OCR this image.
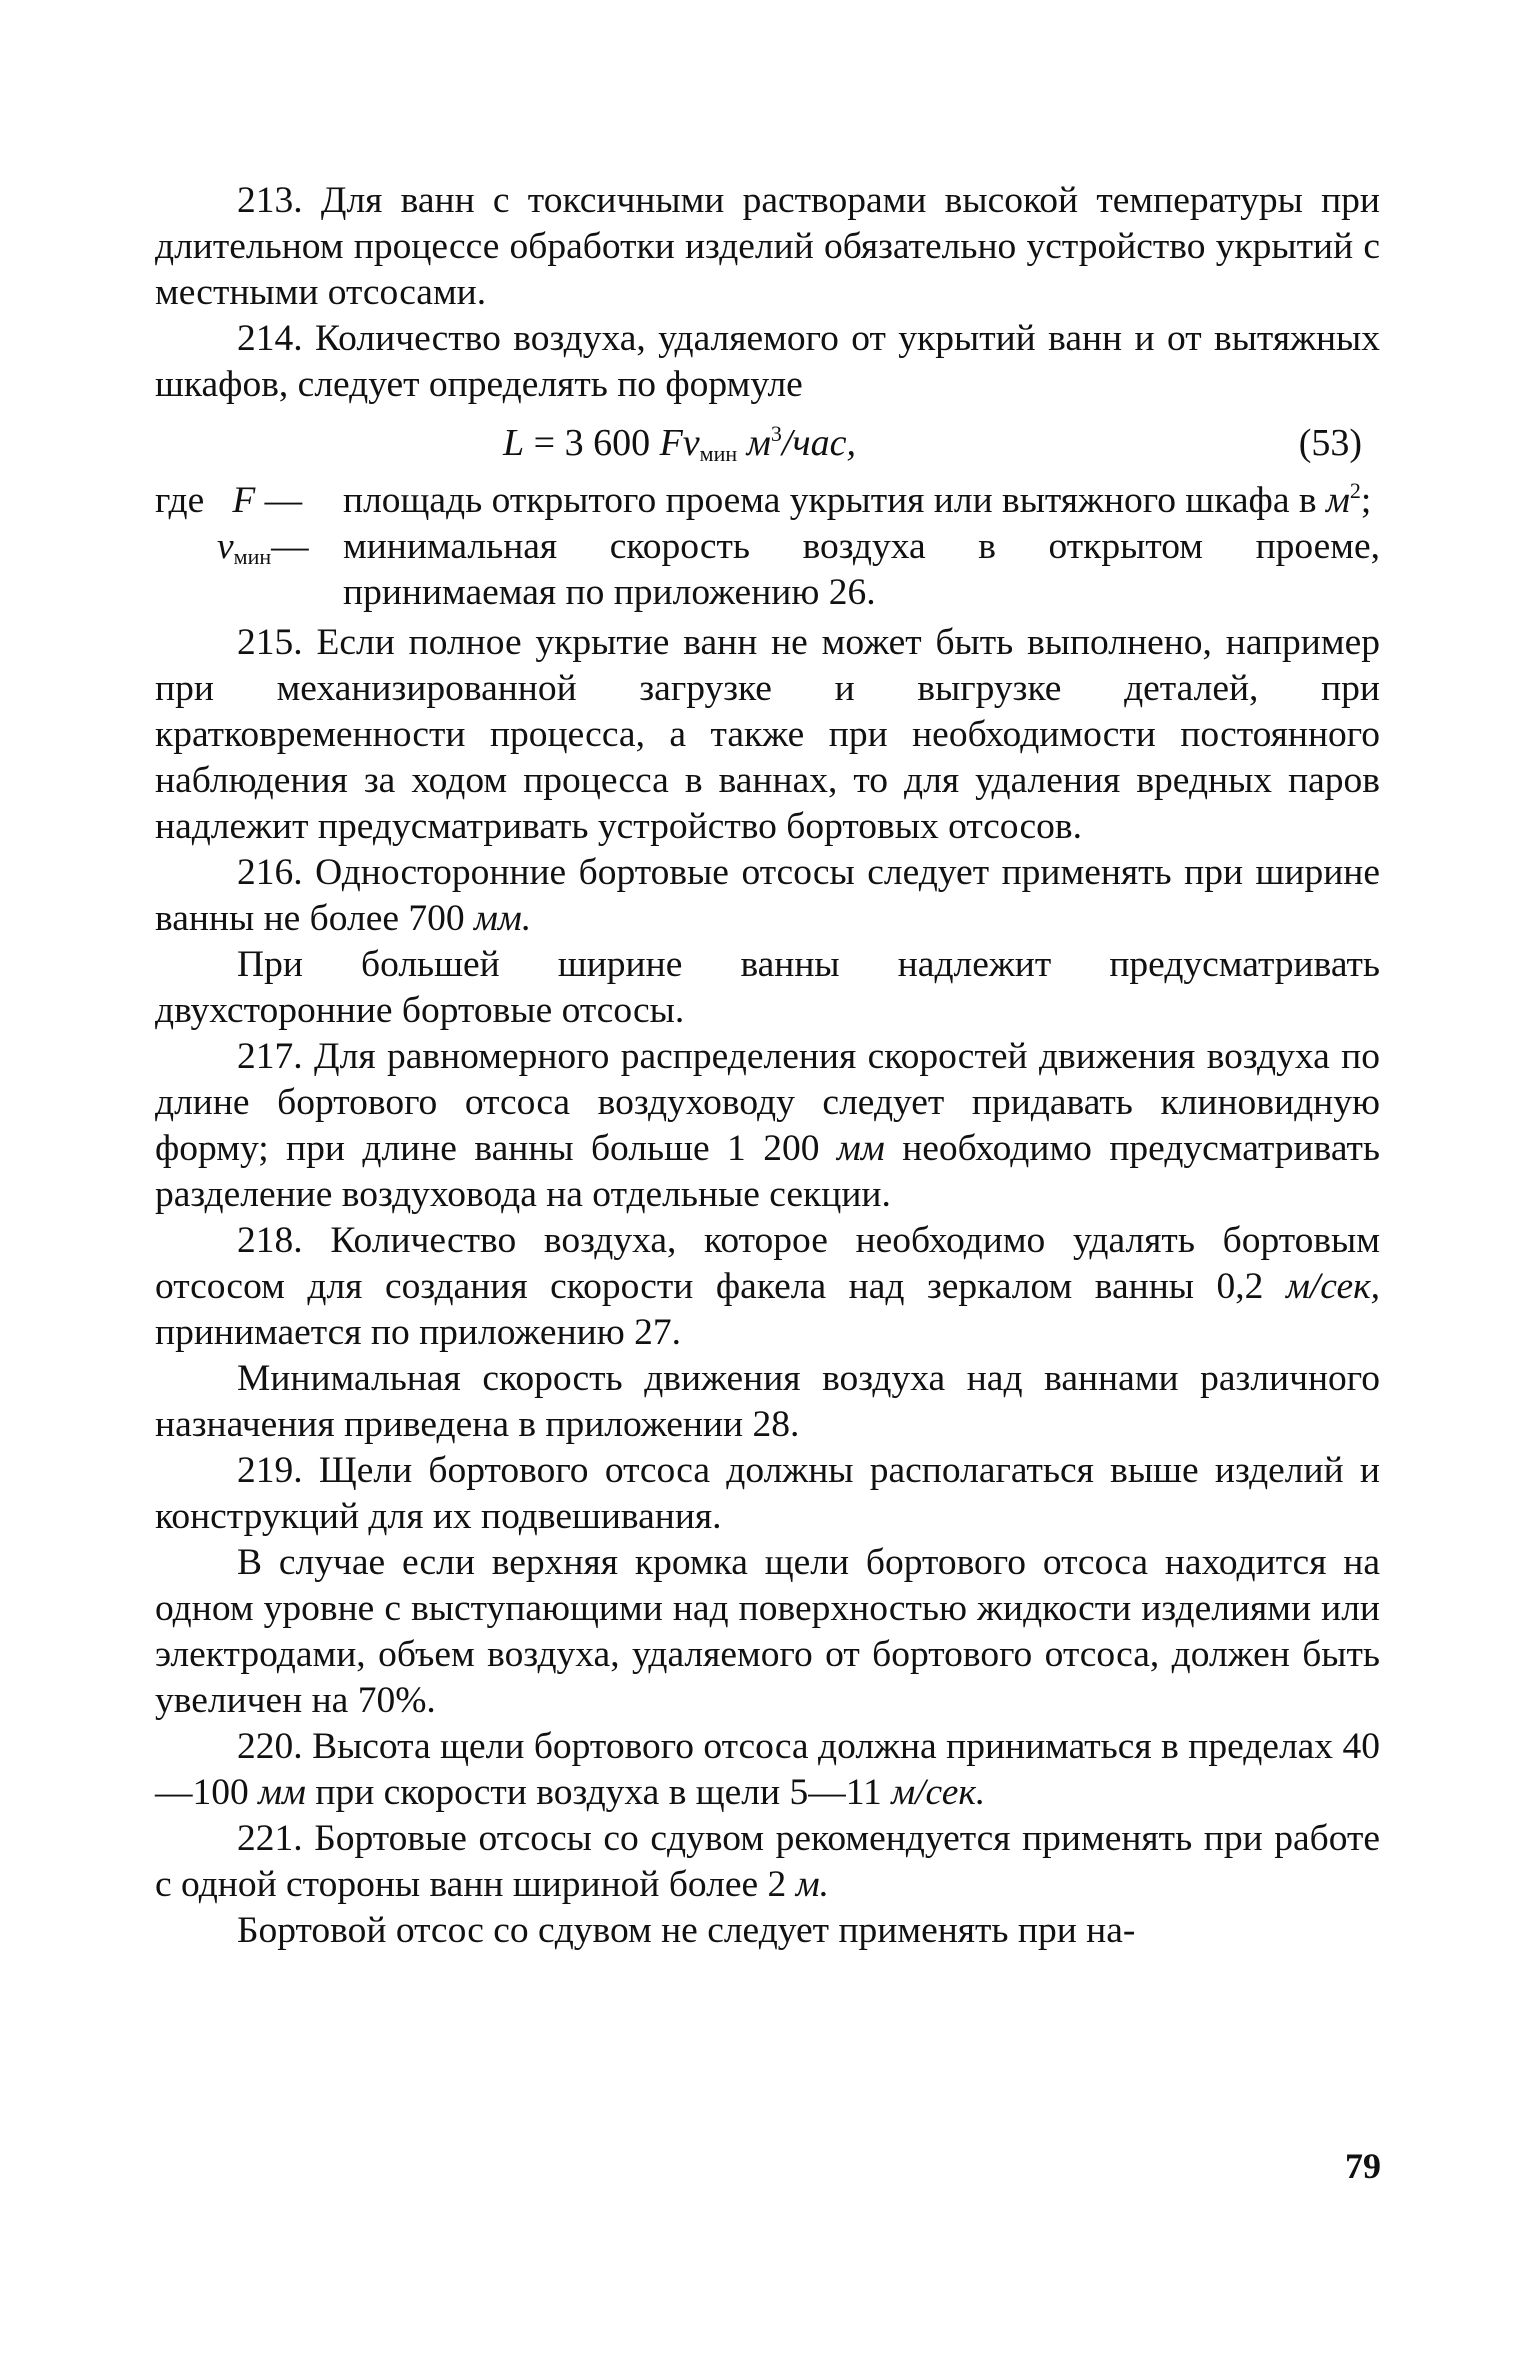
213. Для ванн с токсичными растворами высокой температуры при длительном процессе обработки изделий обязательно устройство укрытий с местными отсосами.

214. Количество воздуха, удаляемого от укрытий ванн и от вытяжных шкафов, следует определять по формуле

L = 3 600 $Fv_{мин}$ $м^3$/час,	(53)
где F —	площадь открытого проема укрытия или вытяжного шкафа в $м^2$;
$v_{мин}—$ минимальная скорость воздуха в открытом проеме, принимаемая по приложению 26.

215. Если полное укрытие ванн не может быть выполнено, например при механизированной загрузке и выгрузке деталей, при кратковременности процесса, а также при необходимости постоянного наблюдения за ходом процесса в ваннах, то для удаления вредных паров надлежит предусматривать устройство бортовых отсосов.

216. Односторонние бортовые отсосы следует применять при ширине ванны не более 700 мм.

При большей ширине ванны надлежит предусматривать двухсторонние бортовые отсосы.

217. Для равномерного распределения скоростей движения воздуха по длине бортового отсоса воздуховоду следует придавать клиновидную форму; при длине ванны больше 1 200 мм необходимо предусматривать разделение воздуховода на отдельные секции.

218. Количество воздуха, которое необходимо удалять бортовым отсосом для создания скорости факела над зеркалом ванны 0,2 м/сек, принимается по приложению 27.

Минимальная скорость движения воздуха над ваннами различного назначения приведена в приложении 28.

219. Щели бортового отсоса должны располагаться выше изделий и конструкций для их подвешивания.

В случае если верхняя кромка щели бортового отсоса находится на одном уровне с выступающими над поверхностью жидкости изделиями или электродами, объем воздуха, удаляемого от бортового отсоса, должен быть увеличен на 70%.

220. Высота щели бортового отсоса должна приниматься в пределах 40—100 мм при скорости воздуха в щели 5—11 м/сек.

221. Бортовые отсосы со сдувом рекомендуется применять при работе с одной стороны ванн шириной более 2 м.

Бортовой отсос со сдувом не следует применять при на-

79
